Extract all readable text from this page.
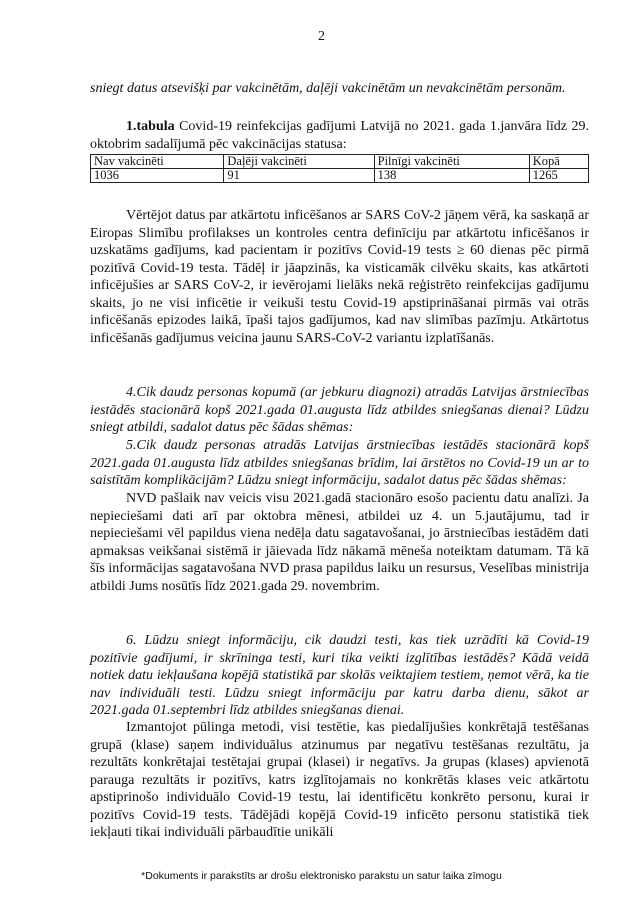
2

sniegt datus atsevišķi par vakcinētām, daļēji vakcinētām un nevakcinētām personām.

1.tabula Covid-19 reinfekcijas gadījumi Latvijā no 2021. gada 1.janvāra līdz 29. oktobrim sadalījumā pēc vakcinācijas statusa:

Nav vakcinēti	Daļēji vakcinēti	Pilnīgi vakcinēti	Kopā
1036	91	138	1265

Vērtējot datus par atkārtotu inficēšanos ar SARS CoV-2 jāņem vērā, ka saskaņā ar Eiropas Slimību profilakses un kontroles centra definīciju par atkārtotu inficēšanos ir uzskatāms gadījums, kad pacientam ir pozitīvs Covid-19 tests ≥ 60 dienas pēc pirmā pozitīvā Covid-19 testa. Tādēļ ir jāapzinās, ka visticamāk cilvēku skaits, kas atkārtoti inficējušies ar SARS CoV-2, ir ievērojami lielāks nekā reģistrēto reinfekcijas gadījumu skaits, jo ne visi inficētie ir veikuši testu Covid-19 apstiprināšanai pirmās vai otrās inficēšanās epizodes laikā, īpaši tajos gadījumos, kad nav slimības pazīmju. Atkārtotus inficēšanās gadījumus veicina jaunu SARS-CoV-2 variantu izplatīšanās.

4.Cik daudz personas kopumā (ar jebkuru diagnozi) atradās Latvijas ārstniecības iestādēs stacionārā kopš 2021.gada 01.augusta līdz atbildes sniegšanas dienai? Lūdzu sniegt atbildi, sadalot datus pēc šādas shēmas:

5.Cik daudz personas atradās Latvijas ārstniecības iestādēs stacionārā kopš 2021.gada 01.augusta līdz atbildes sniegšanas brīdim, lai ārstētos no Covid-19 un ar to saistītām komplikācijām? Lūdzu sniegt informāciju, sadalot datus pēc šādas shēmas:

NVD pašlaik nav veicis visu 2021.gadā stacionāro esošo pacientu datu analīzi. Ja nepieciešami dati arī par oktobra mēnesi, atbildei uz 4. un 5.jautājumu, tad ir nepieciešami vēl papildus viena nedēļa datu sagatavošanai, jo ārstniecības iestādēm dati apmaksas veikšanai sistēmā ir jāievada līdz nākamā mēneša noteiktam datumam. Tā kā šīs informācijas sagatavošana NVD prasa papildus laiku un resursus, Veselības ministrija atbildi Jums nosūtīs līdz 2021.gada 29. novembrim.

6. Lūdzu sniegt informāciju, cik daudzi testi, kas tiek uzrādīti kā Covid-19 pozitīvie gadījumi, ir skrīninga testi, kuri tika veikti izglītības iestādēs? Kādā veidā notiek datu iekļaušana kopējā statistikā par skolās veiktajiem testiem, ņemot vērā, ka tie nav individuāli testi. Lūdzu sniegt informāciju par katru darba dienu, sākot ar 2021.gada 01.septembri līdz atbildes sniegšanas dienai.

Izmantojot pūlinga metodi, visi testētie, kas piedalījušies konkrētajā testēšanas grupā (klase) saņem individuālus atzinumus par negatīvu testēšanas rezultātu, ja rezultāts konkrētajai testētajai grupai (klasei) ir negatīvs. Ja grupas (klases) apvienotā parauga rezultāts ir pozitīvs, katrs izglītojamais no konkrētās klases veic atkārtotu apstiprinošo individuālo Covid-19 testu, lai identificētu konkrēto personu, kurai ir pozitīvs Covid-19 tests. Tādējādi kopējā Covid-19 inficēto personu statistikā tiek iekļauti tikai individuāli pārbaudītie unikāli

*Dokuments ir parakstīts ar drošu elektronisko parakstu un satur laika zīmogu
